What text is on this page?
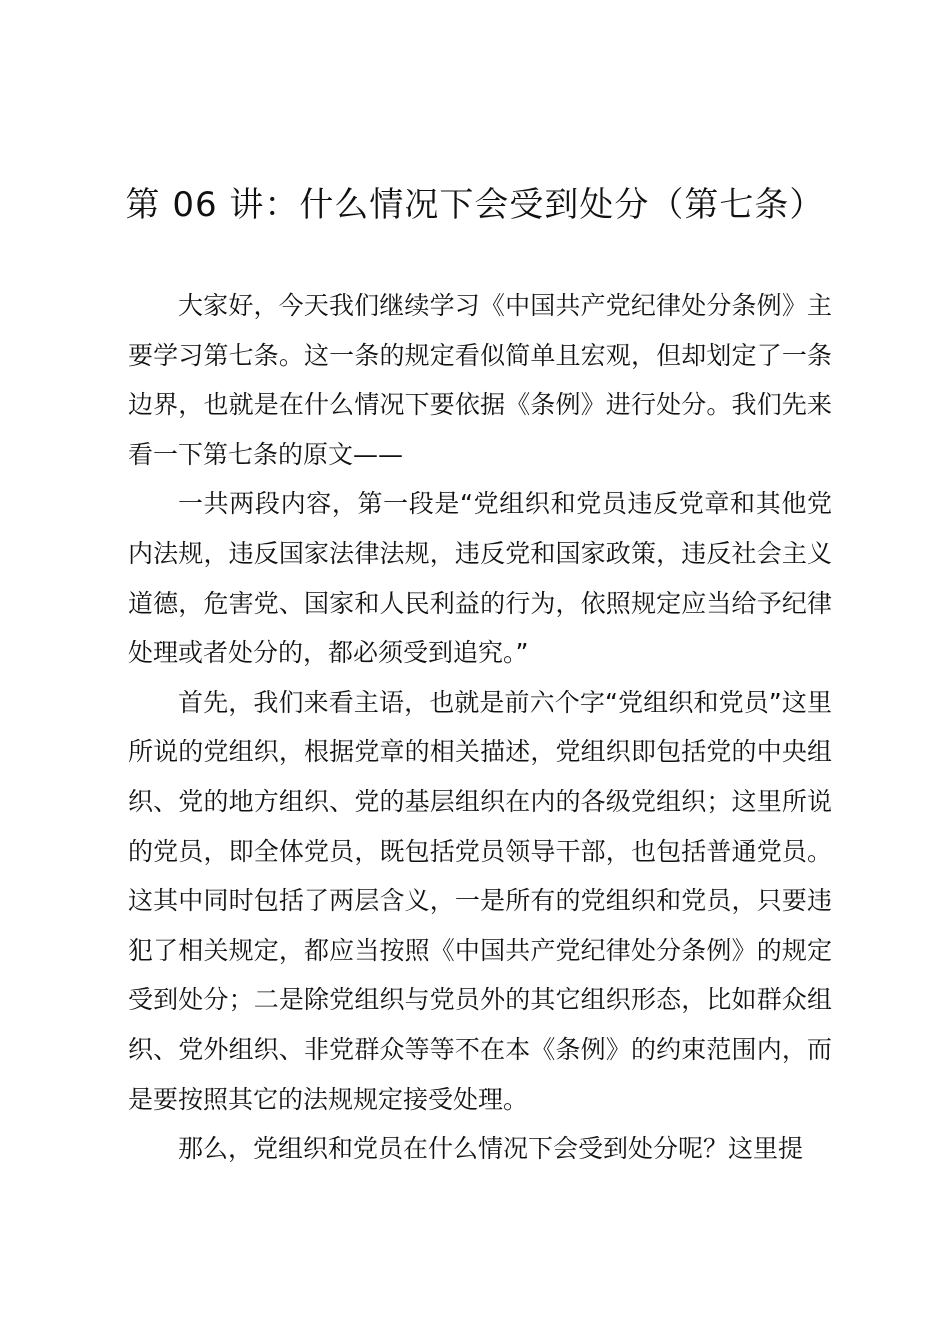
第 06 讲：什么情况下会受到处分（第七条）

大家好，今天我们继续学习《中国共产党纪律处分条例》主要学习第七条。这一条的规定看似简单且宏观，但却划定了一条边界，也就是在什么情况下要依据《条例》进行处分。我们先来看一下第七条的原文——

一共两段内容，第一段是“党组织和党员违反党章和其他党内法规，违反国家法律法规，违反党和国家政策，违反社会主义道德，危害党、国家和人民利益的行为，依照规定应当给予纪律处理或者处分的，都必须受到追究。”

首先，我们来看主语，也就是前六个字“党组织和党员”这里所说的党组织，根据党章的相关描述，党组织即包括党的中央组织、党的地方组织、党的基层组织在内的各级党组织；这里所说的党员，即全体党员，既包括党员领导干部，也包括普通党员。这其中同时包括了两层含义，一是所有的党组织和党员，只要违犯了相关规定，都应当按照《中国共产党纪律处分条例》的规定受到处分；二是除党组织与党员外的其它组织形态，比如群众组织、党外组织、非党群众等等不在本《条例》的约束范围内，而是要按照其它的法规规定接受处理。

那么，党组织和党员在什么情况下会受到处分呢？这里提
